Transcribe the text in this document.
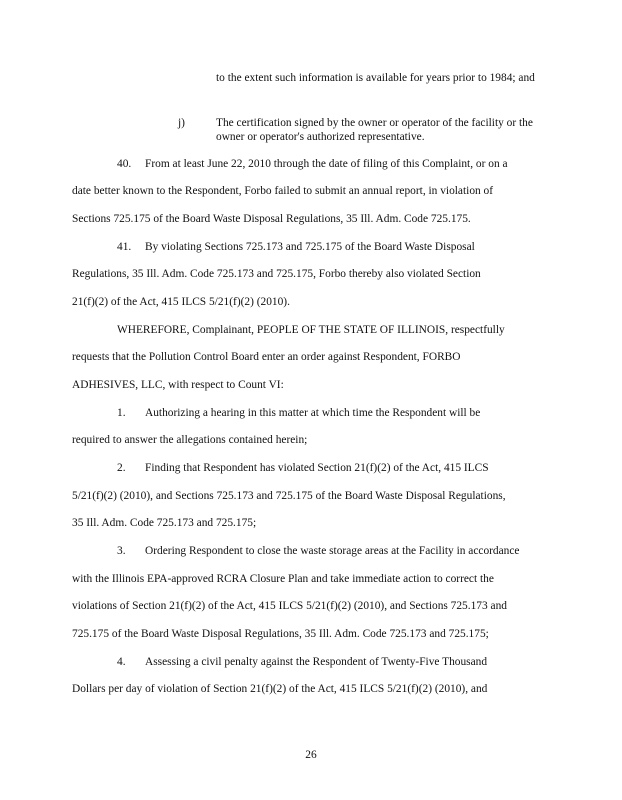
to the extent such information is available for years prior to 1984; and
j)	The certification signed by the owner or operator of the facility or the owner or operator's authorized representative.
40. From at least June 22, 2010 through the date of filing of this Complaint, or on a
date better known to the Respondent, Forbo failed to submit an annual report, in violation of
Sections 725.175 of the Board Waste Disposal Regulations, 35 Ill. Adm. Code 725.175.
41. By violating Sections 725.173 and 725.175 of the Board Waste Disposal
Regulations, 35 Ill. Adm. Code 725.173 and 725.175, Forbo thereby also violated Section
21(f)(2) of the Act, 415 ILCS 5/21(f)(2) (2010).
WHEREFORE, Complainant, PEOPLE OF THE STATE OF ILLINOIS, respectfully
requests that the Pollution Control Board enter an order against Respondent, FORBO
ADHESIVES, LLC, with respect to Count VI:
1. Authorizing a hearing in this matter at which time the Respondent will be
required to answer the allegations contained herein;
2. Finding that Respondent has violated Section 21(f)(2) of the Act, 415 ILCS
5/21(f)(2) (2010), and Sections 725.173 and 725.175 of the Board Waste Disposal Regulations,
35 Ill. Adm. Code 725.173 and 725.175;
3. Ordering Respondent to close the waste storage areas at the Facility in accordance
with the Illinois EPA-approved RCRA Closure Plan and take immediate action to correct the
violations of Section 21(f)(2) of the Act, 415 ILCS 5/21(f)(2) (2010), and Sections 725.173 and
725.175 of the Board Waste Disposal Regulations, 35 Ill. Adm. Code 725.173 and 725.175;
4. Assessing a civil penalty against the Respondent of Twenty-Five Thousand
Dollars per day of violation of Section 21(f)(2) of the Act, 415 ILCS 5/21(f)(2) (2010), and
26
